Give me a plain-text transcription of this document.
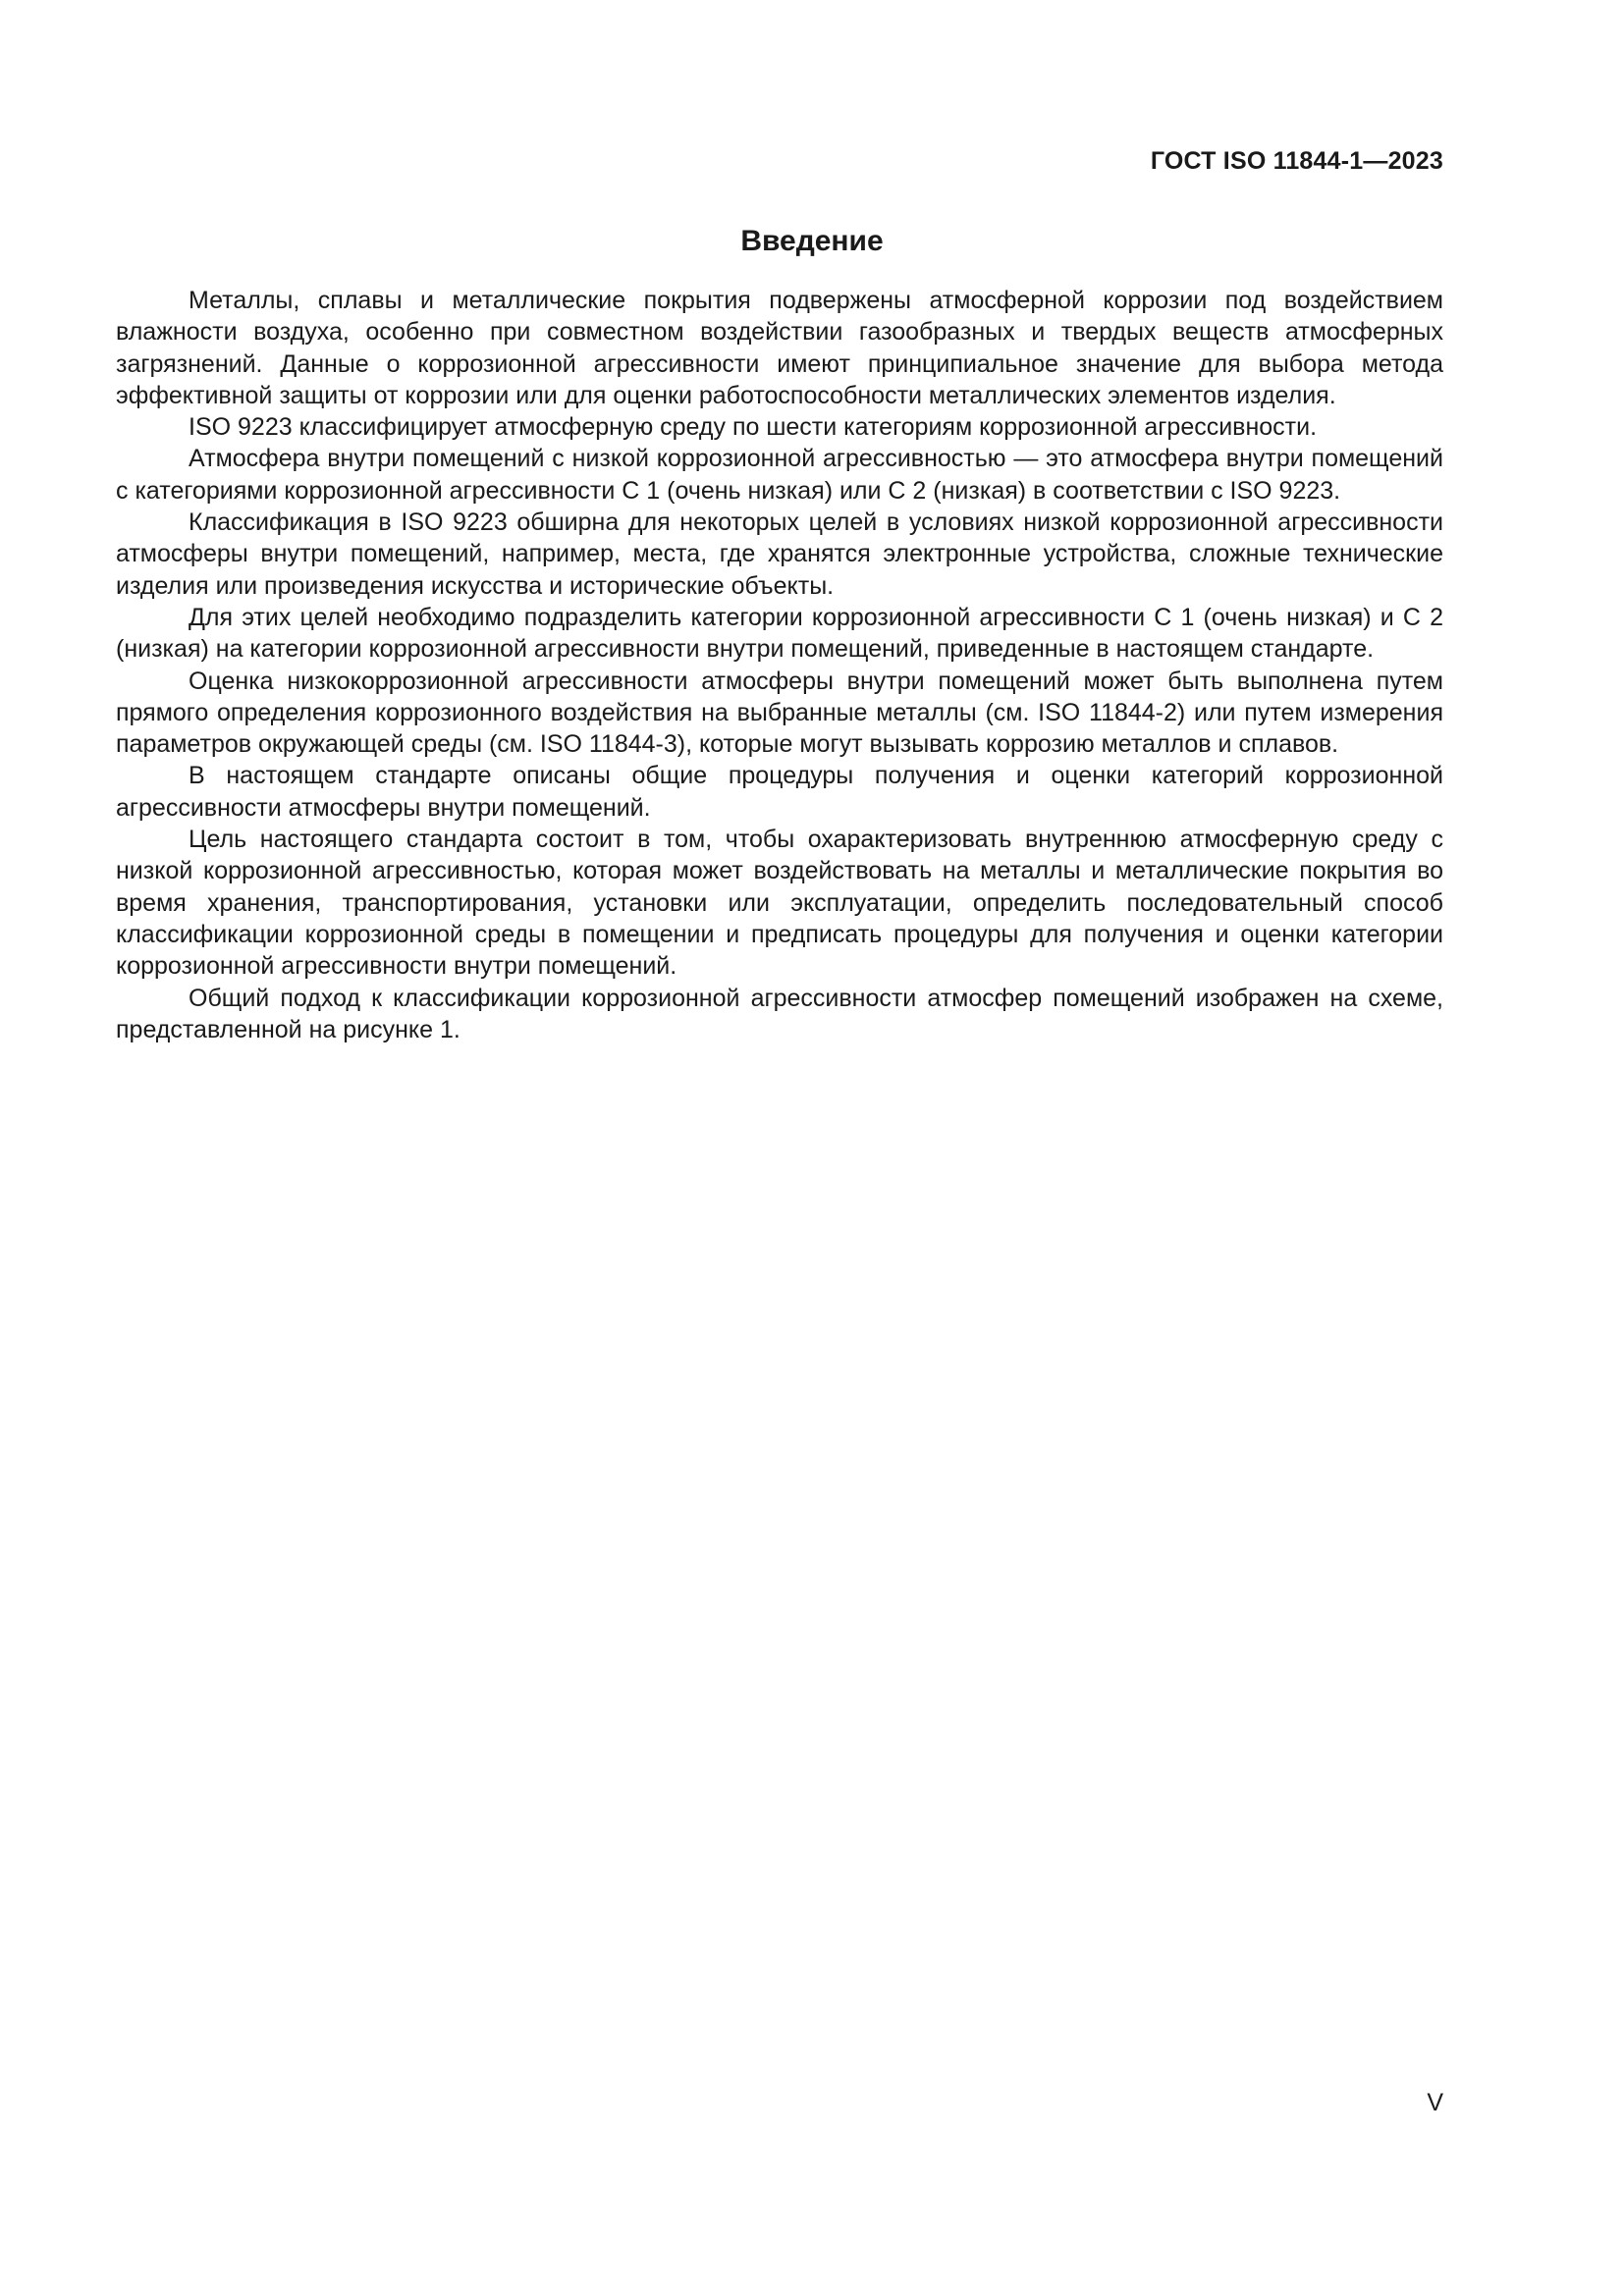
ГОСТ ISO 11844-1—2023
Введение

Металлы, сплавы и металлические покрытия подвержены атмосферной коррозии под воздействием влажности воздуха, особенно при совместном воздействии газообразных и твердых веществ атмосферных загрязнений. Данные о коррозионной агрессивности имеют принципиальное значение для выбора метода эффективной защиты от коррозии или для оценки работоспособности металлических элементов изделия.

ISO 9223 классифицирует атмосферную среду по шести категориям коррозионной агрессивности.

Атмосфера внутри помещений с низкой коррозионной агрессивностью — это атмосфера внутри помещений с категориями коррозионной агрессивности С 1 (очень низкая) или С 2 (низкая) в соответствии с ISO 9223.

Классификация в ISO 9223 обширна для некоторых целей в условиях низкой коррозионной агрессивности атмосферы внутри помещений, например, места, где хранятся электронные устройства, сложные технические изделия или произведения искусства и исторические объекты.

Для этих целей необходимо подразделить категории коррозионной агрессивности С 1 (очень низкая) и С 2 (низкая) на категории коррозионной агрессивности внутри помещений, приведенные в настоящем стандарте.

Оценка низкокоррозионной агрессивности атмосферы внутри помещений может быть выполнена путем прямого определения коррозионного воздействия на выбранные металлы (см. ISO 11844-2) или путем измерения параметров окружающей среды (см. ISO 11844-3), которые могут вызывать коррозию металлов и сплавов.

В настоящем стандарте описаны общие процедуры получения и оценки категорий коррозионной агрессивности атмосферы внутри помещений.

Цель настоящего стандарта состоит в том, чтобы охарактеризовать внутреннюю атмосферную среду с низкой коррозионной агрессивностью, которая может воздействовать на металлы и металлические покрытия во время хранения, транспортирования, установки или эксплуатации, определить последовательный способ классификации коррозионной среды в помещении и предписать процедуры для получения и оценки категории коррозионной агрессивности внутри помещений.

Общий подход к классификации коррозионной агрессивности атмосфер помещений изображен на схеме, представленной на рисунке 1.

V
